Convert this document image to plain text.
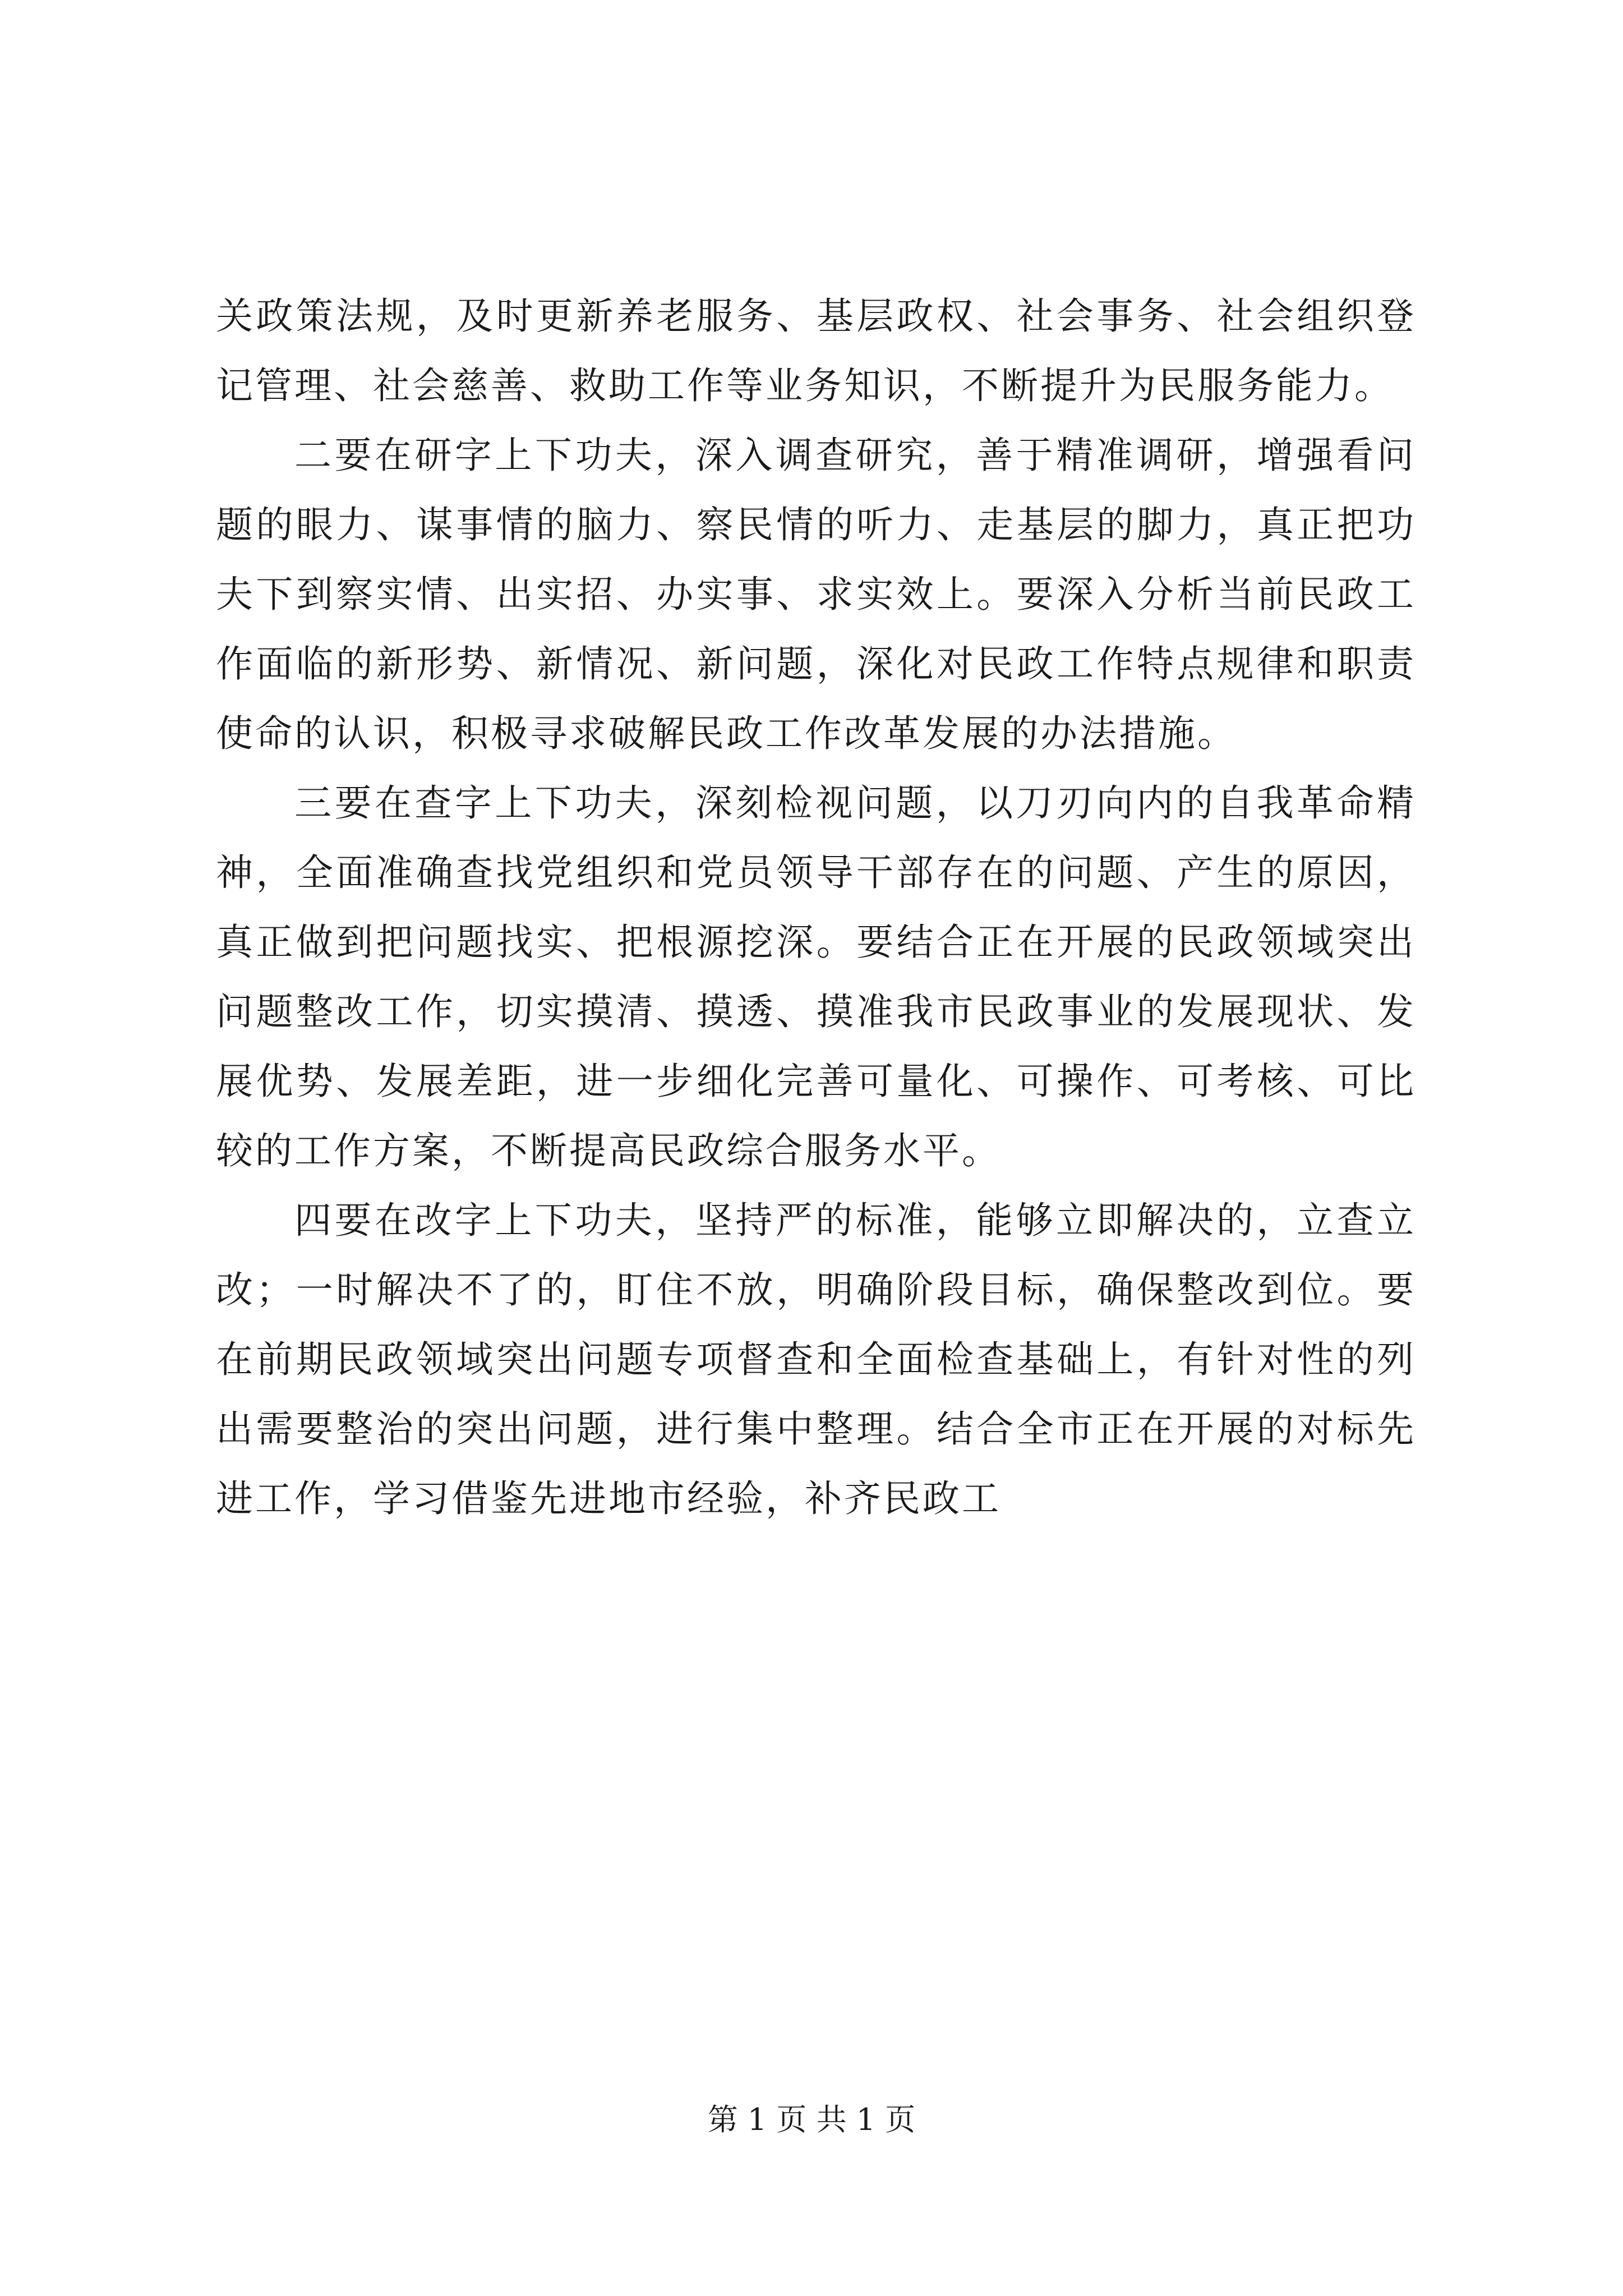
关政策法规，及时更新养老服务、基层政权、社会事务、社会组织登记管理、社会慈善、救助工作等业务知识，不断提升为民服务能力。

二要在研字上下功夫，深入调查研究，善于精准调研，增强看问题的眼力、谋事情的脑力、察民情的听力、走基层的脚力，真正把功夫下到察实情、出实招、办实事、求实效上。要深入分析当前民政工作面临的新形势、新情况、新问题，深化对民政工作特点规律和职责使命的认识，积极寻求破解民政工作改革发展的办法措施。

三要在查字上下功夫，深刻检视问题，以刀刃向内的自我革命精神，全面准确查找党组织和党员领导干部存在的问题、产生的原因，真正做到把问题找实、把根源挖深。要结合正在开展的民政领域突出问题整改工作，切实摸清、摸透、摸准我市民政事业的发展现状、发展优势、发展差距，进一步细化完善可量化、可操作、可考核、可比较的工作方案，不断提高民政综合服务水平。

四要在改字上下功夫，坚持严的标准，能够立即解决的，立查立改；一时解决不了的，盯住不放，明确阶段目标，确保整改到位。要在前期民政领域突出问题专项督查和全面检查基础上，有针对性的列出需要整治的突出问题，进行集中整理。结合全市正在开展的对标先进工作，学习借鉴先进地市经验，补齐民政工

第 1 页 共 1 页
